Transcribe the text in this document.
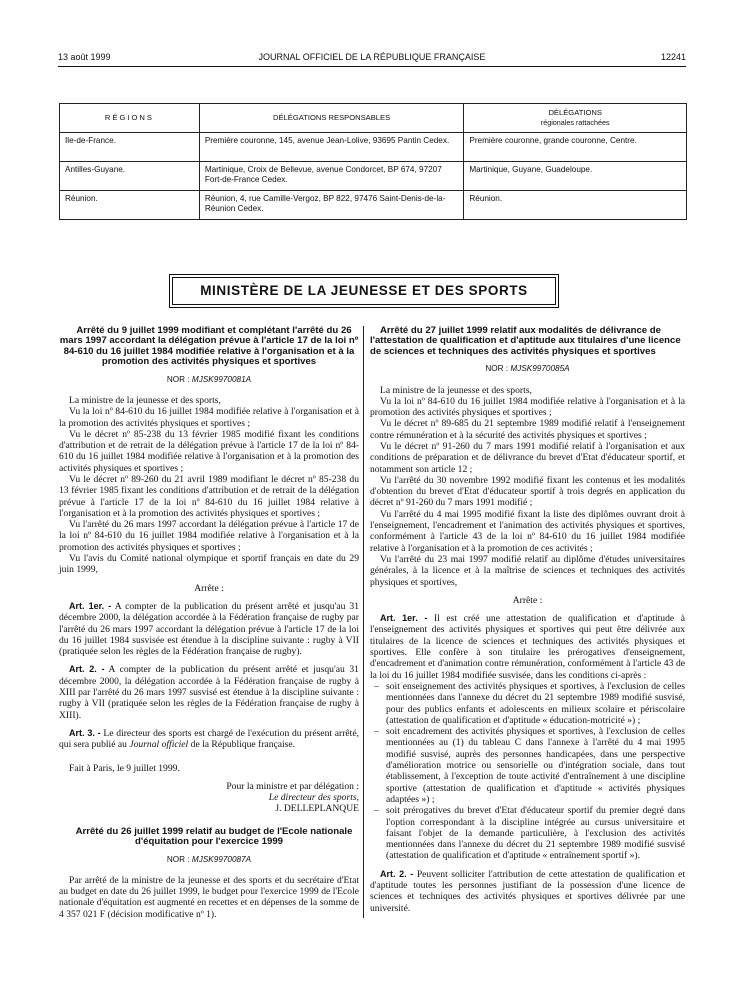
13 août 1999	JOURNAL OFFICIEL DE LA RÉPUBLIQUE FRANÇAISE	12241
RÉGIONS	DÉLÉGATIONS RESPONSABLES	DÉLÉGATIONS
régionales rattachées

Ile-de-France.	Première couronne, 145, avenue Jean-Lolive, 93695 Pantin Cedex.	Première couronne, grande couronne, Centre.
Antilles-Guyane.	Martinique, Croix de Bellevue, avenue Condorcet, BP 674, 97207 Fort-de-France Cedex.	Martinique, Guyane, Guadeloupe.
Réunion.	Réunion, 4, rue Camille-Vergoz, BP 822, 97476 Saint-Denis-de-la-Réunion Cedex.	Réunion.
MINISTÈRE DE LA JEUNESSE ET DES SPORTS

Arrêté du 9 juillet 1999 modifiant et complétant l'arrêté du 26 mars 1997 accordant la délégation prévue à l'article 17 de la loi nº 84-610 du 16 juillet 1984 modifiée relative à l'organisation et à la promotion des activités physiques et sportives

NOR : MJSK9970081A

La ministre de la jeunesse et des sports,

Vu la loi nº 84-610 du 16 juillet 1984 modifiée relative à l'organisation et à la promotion des activités physiques et sportives ;

Vu le décret nº 85-238 du 13 février 1985 modifié fixant les conditions d'attribution et de retrait de la délégation prévue à l'article 17 de la loi nº 84-610 du 16 juillet 1984 modifiée relative à l'organisation et à la promotion des activités physiques et sportives ;

Vu le décret nº 89-260 du 21 avril 1989 modifiant le décret nº 85-238 du 13 février 1985 fixant les conditions d'attribution et de retrait de la délégation prévue à l'article 17 de la loi nº 84-610 du 16 juillet 1984 relative à l'organisation et à la promotion des activités physiques et sportives ;

Vu l'arrêté du 26 mars 1997 accordant la délégation prévue à l'article 17 de la loi nº 84-610 du 16 juillet 1984 modifiée relative à l'organisation et à la promotion des activités physiques et sportives ;

Vu l'avis du Comité national olympique et sportif français en date du 29 juin 1999,

Arrête :

Art. 1er. - A compter de la publication du présent arrêté et jusqu'au 31 décembre 2000, la délégation accordée à la Fédération française de rugby par l'arrêté du 26 mars 1997 accordant la délégation prévue à l'article 17 de la loi du 16 juillet 1984 susvisée est étendue à la discipline suivante : rugby à VII (pratiquée selon les règles de la Fédération française de rugby).

Art. 2. - A compter de la publication du présent arrêté et jusqu'au 31 décembre 2000, la délégation accordée à la Fédération française de rugby à XIII par l'arrêté du 26 mars 1997 susvisé est étendue à la discipline suivante : rugby à VII (pratiquée selon les règles de la Fédération française de rugby à XIII).

Art. 3. - Le directeur des sports est chargé de l'exécution du présent arrêté, qui sera publié au Journal officiel de la République française.

Fait à Paris, le 9 juillet 1999.

Pour la ministre et par délégation :

Le directeur des sports,

J. DELLEPLANQUE

Arrêté du 26 juillet 1999 relatif au budget de l'Ecole nationale d'équitation pour l'exercice 1999

NOR : MJSK9970087A

Par arrêté de la ministre de la jeunesse et des sports et du secrétaire d'Etat au budget en date du 26 juillet 1999, le budget pour l'exercice 1999 de l'Ecole nationale d'équitation est augmenté en recettes et en dépenses de la somme de 4 357 021 F (décision modificative nº 1).

Arrêté du 27 juillet 1999 relatif aux modalités de délivrance de l'attestation de qualification et d'aptitude aux titulaires d'une licence de sciences et techniques des activités physiques et sportives

NOR : MJSK9970085A

La ministre de la jeunesse et des sports,

Vu la loi nº 84-610 du 16 juillet 1984 modifiée relative à l'organisation et à la promotion des activités physiques et sportives ;

Vu le décret nº 89-685 du 21 septembre 1989 modifié relatif à l'enseignement contre rémunération et à la sécurité des activités physiques et sportives ;

Vu le décret nº 91-260 du 7 mars 1991 modifié relatif à l'organisation et aux conditions de préparation et de délivrance du brevet d'Etat d'éducateur sportif, et notamment son article 12 ;

Vu l'arrêté du 30 novembre 1992 modifié fixant les contenus et les modalités d'obtention du brevet d'Etat d'éducateur sportif à trois degrés en application du décret nº 91-260 du 7 mars 1991 modifié ;

Vu l'arrêté du 4 mai 1995 modifié fixant la liste des diplômes ouvrant droit à l'enseignement, l'encadrement et l'animation des activités physiques et sportives, conformément à l'article 43 de la loi nº 84-610 du 16 juillet 1984 modifiée relative à l'organisation et à la promotion de ces activités ;

Vu l'arrêté du 23 mai 1997 modifié relatif au diplôme d'études universitaires générales, à la licence et à la maîtrise de sciences et techniques des activités physiques et sportives,

Arrête :

Art. 1er. - Il est créé une attestation de qualification et d'aptitude à l'enseignement des activités physiques et sportives qui peut être délivrée aux titulaires de la licence de sciences et techniques des activités physiques et sportives. Elle confère à son titulaire les prérogatives d'enseignement, d'encadrement et d'animation contre rémunération, conformément à l'article 43 de la loi du 16 juillet 1984 modifiée susvisée, dans les conditions ci-après :

– soit enseignement des activités physiques et sportives, à l'exclusion de celles mentionnées dans l'annexe du décret du 21 septembre 1989 modifié susvisé, pour des publics enfants et adolescents en milieux scolaire et périscolaire (attestation de qualification et d'aptitude « éducation-motricité ») ;
– soit encadrement des activités physiques et sportives, à l'exclusion de celles mentionnées au (1) du tableau C dans l'annexe à l'arrêté du 4 mai 1995 modifié susvisé, auprès des personnes handicapées, dans une perspective d'amélioration motrice ou sensorielle ou d'intégration sociale, dans tout établissement, à l'exception de toute activité d'entraînement à une discipline sportive (attestation de qualification et d'aptitude « activités physiques adaptées ») ;
– soit prérogatives du brevet d'Etat d'éducateur sportif du premier degré dans l'option correspondant à la discipline intégrée au cursus universitaire et faisant l'objet de la demande particulière, à l'exclusion des activités mentionnées dans l'annexe du décret du 21 septembre 1989 modifié susvisé (attestation de qualification et d'aptitude « entraînement sportif »).

Art. 2. - Peuvent solliciter l'attribution de cette attestation de qualification et d'aptitude toutes les personnes justifiant de la possession d'une licence de sciences et techniques des activités physiques et sportives délivrée par une université.
